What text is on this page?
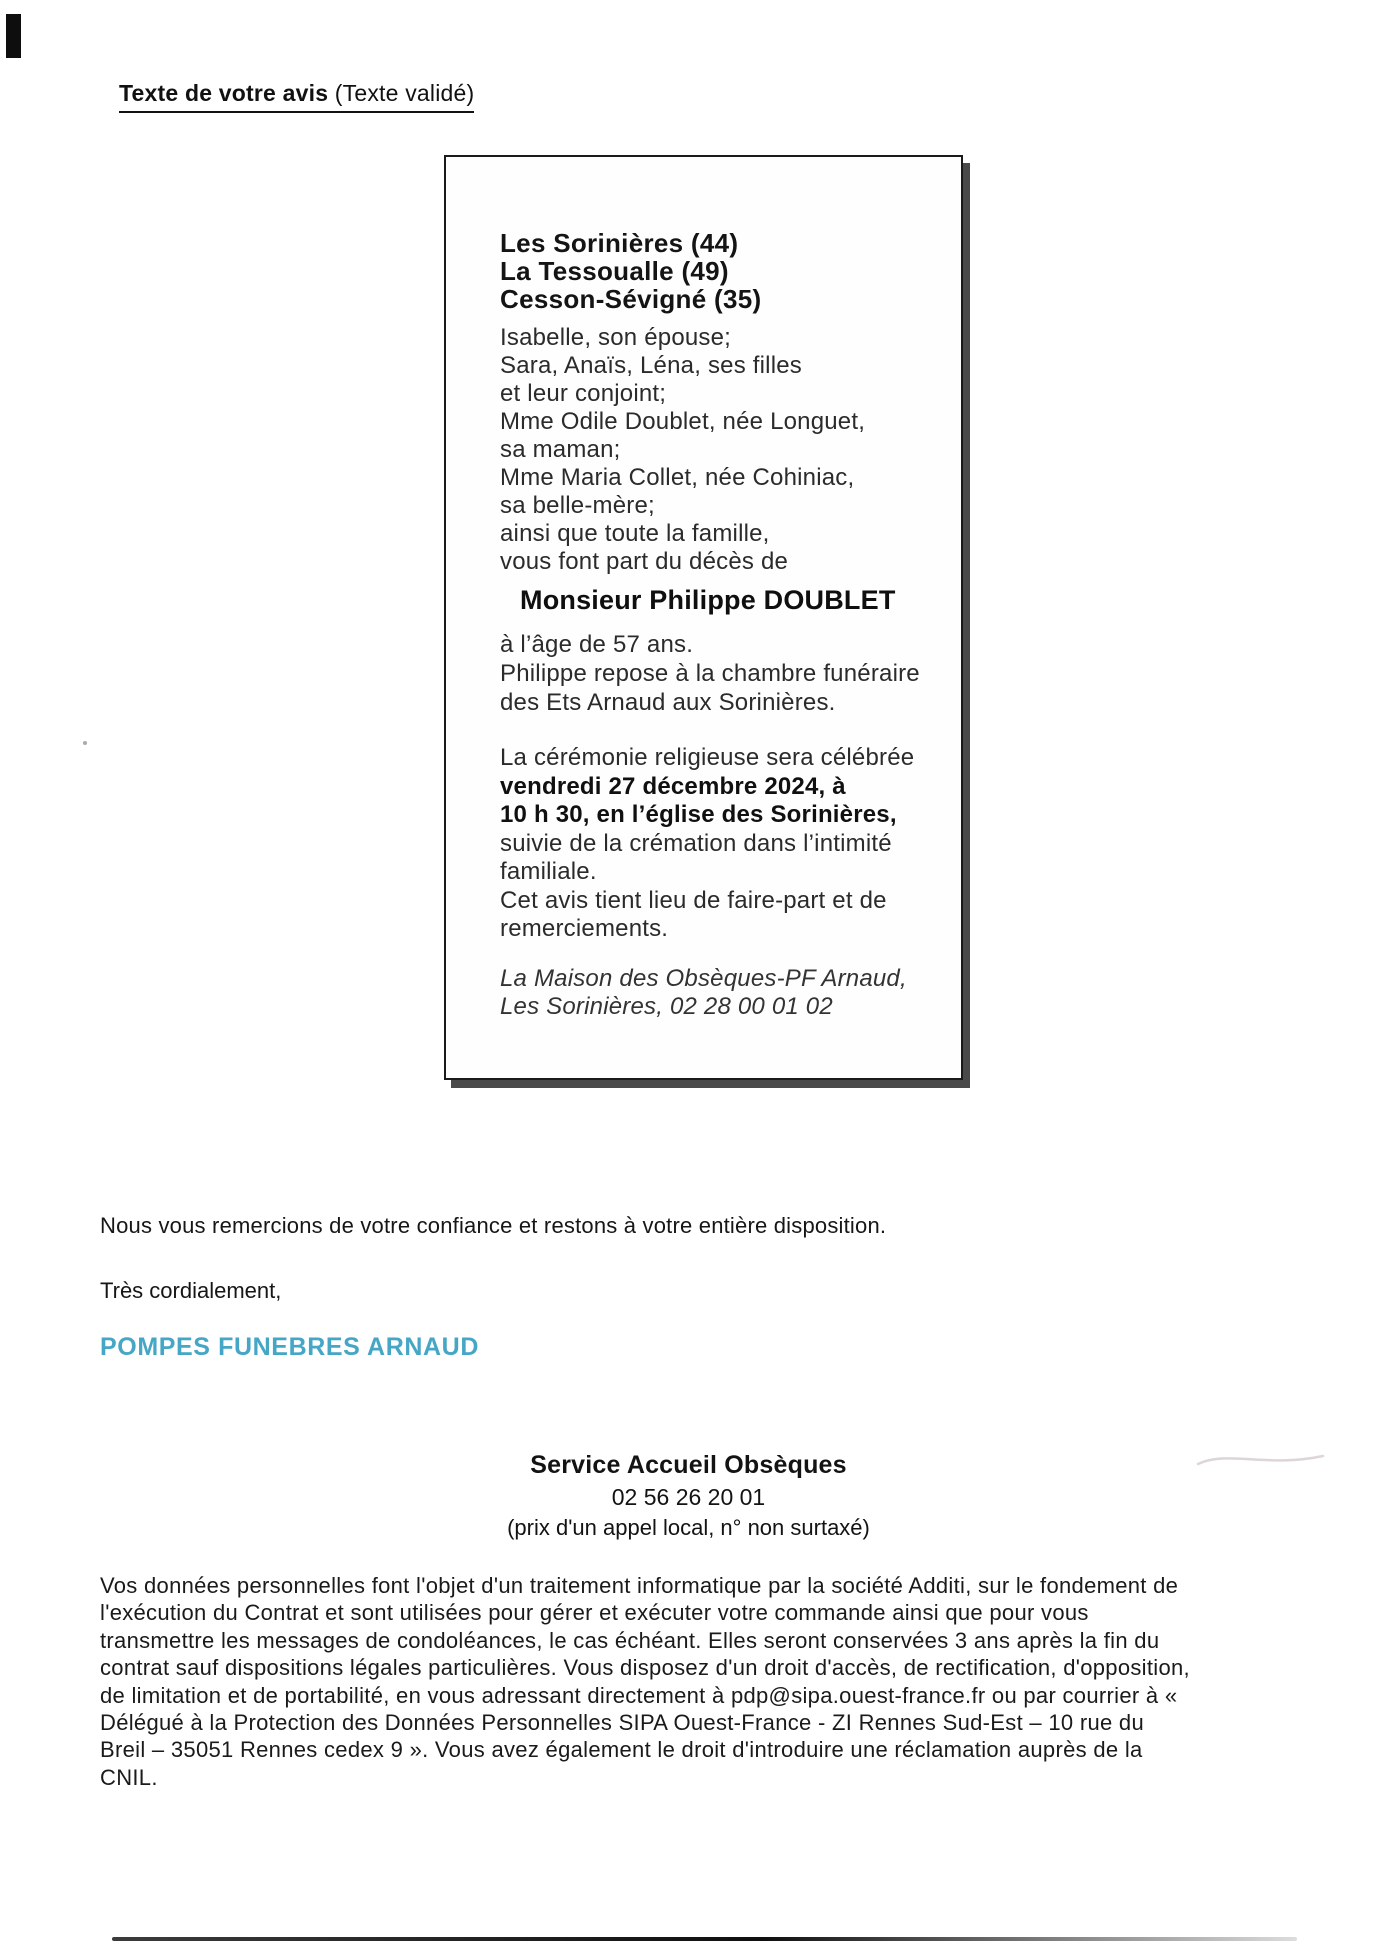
Texte de votre avis (Texte validé)
Les Sorinières (44)
La Tessoualle (49)
Cesson-Sévigné (35)
Isabelle, son épouse;
Sara, Anaïs, Léna, ses filles
et leur conjoint;
Mme Odile Doublet, née Longuet,
sa maman;
Mme Maria Collet, née Cohiniac,
sa belle-mère;
ainsi que toute la famille,
vous font part du décès de
Monsieur Philippe DOUBLET
à l’âge de 57 ans.
Philippe repose à la chambre funéraire
des Ets Arnaud aux Sorinières.
La cérémonie religieuse sera célébrée
vendredi 27 décembre 2024, à
10 h 30, en l’église des Sorinières,
suivie de la crémation dans l’intimité
familiale.
Cet avis tient lieu de faire-part et de
remerciements.
La Maison des Obsèques-PF Arnaud,
Les Sorinières, 02 28 00 01 02
Nous vous remercions de votre confiance et restons à votre entière disposition.
Très cordialement,
POMPES FUNEBRES ARNAUD
Service Accueil Obsèques
02 56 26 20 01
(prix d'un appel local, n° non surtaxé)
Vos données personnelles font l'objet d'un traitement informatique par la société Additi, sur le fondement de
l'exécution du Contrat et sont utilisées pour gérer et exécuter votre commande ainsi que pour vous
transmettre les messages de condoléances, le cas échéant. Elles seront conservées 3 ans après la fin du
contrat sauf dispositions légales particulières. Vous disposez d'un droit d'accès, de rectification, d'opposition,
de limitation et de portabilité, en vous adressant directement à pdp@sipa.ouest-france.fr ou par courrier à «
Délégué à la Protection des Données Personnelles SIPA Ouest-France - ZI Rennes Sud-Est – 10 rue du
Breil – 35051 Rennes cedex 9 ». Vous avez également le droit d'introduire une réclamation auprès de la
CNIL.
